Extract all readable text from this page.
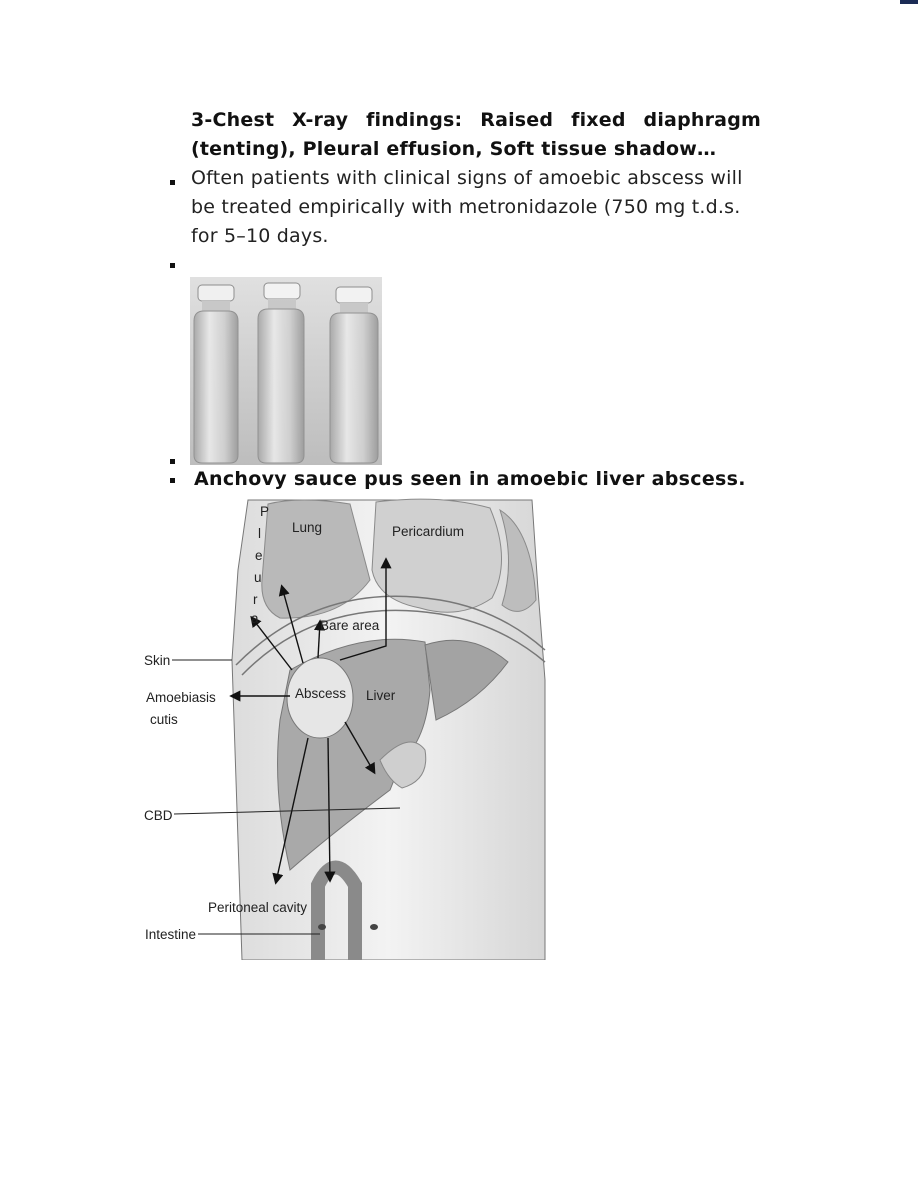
3-Chest X-ray findings: Raised fixed diaphragm
(tenting), Pleural effusion, Soft tissue shadow…
Often patients with clinical signs of amoebic abscess will
be treated empirically with metronidazole (750 mg t.d.s.
for 5–10 days.
Anchovy sauce pus seen in amoebic liver abscess.
P
l
e
u
r
a
Lung	Pericardium
Bare area
Skin
Amoebiasis
cutis
Abscess Liver
CBD
Peritoneal cavity
Intestine
